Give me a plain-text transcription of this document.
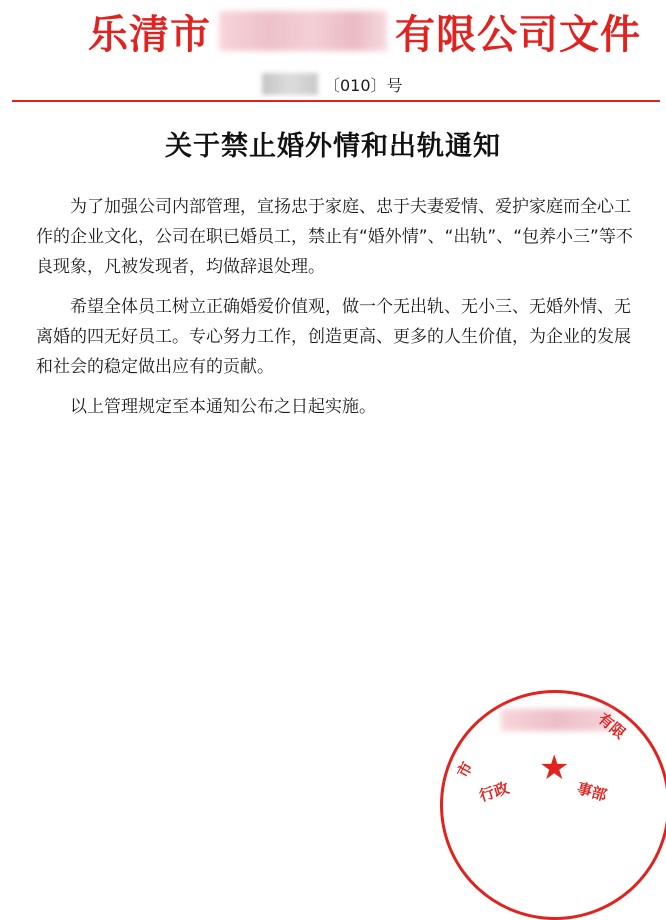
乐清市	有限公司文件
〔010〕号
关于禁止婚外情和出轨通知

为了加强公司内部管理，宣扬忠于家庭、忠于夫妻爱情、爱护家庭而全心工作的企业文化，公司在职已婚员工，禁止有“婚外情”、“出轨”、“包养小三”等不良现象，凡被发现者，均做辞退处理。

希望全体员工树立正确婚爱价值观，做一个无出轨、无小三、无婚外情、无离婚的四无好员工。专心努力工作，创造更高、更多的人生价值，为企业的发展和社会的稳定做出应有的贡献。

以上管理规定至本通知公布之日起实施。

市
有限
★
行政	事部
